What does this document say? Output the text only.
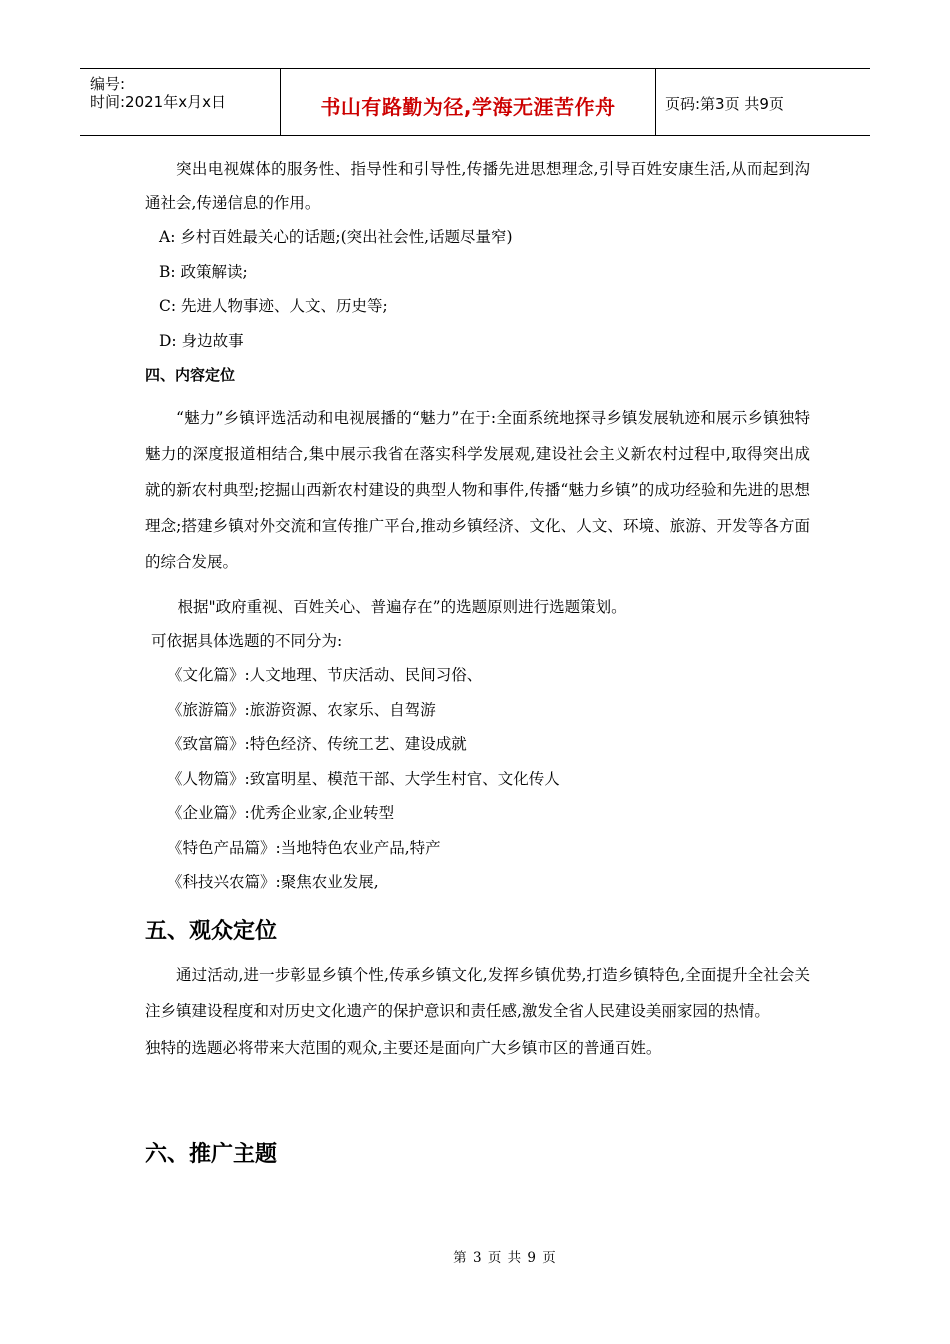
编号:
时间:2021年x月x日	书山有路勤为径,学海无涯苦作舟	页码:第3页 共9页

突出电视媒体的服务性、指导性和引导性,传播先进思想理念,引导百姓安康生活,从而起到沟通社会,传递信息的作用。

A: 乡村百姓最关心的话题;(突出社会性,话题尽量窄)

B: 政策解读;

C: 先进人物事迹、人文、历史等;

D: 身边故事

四、内容定位

“魅力”乡镇评选活动和电视展播的“魅力”在于:全面系统地探寻乡镇发展轨迹和展示乡镇独特魅力的深度报道相结合,集中展示我省在落实科学发展观,建设社会主义新农村过程中,取得突出成就的新农村典型;挖掘山西新农村建设的典型人物和事件,传播“魅力乡镇”的成功经验和先进的思想理念;搭建乡镇对外交流和宣传推广平台,推动乡镇经济、文化、人文、环境、旅游、开发等各方面的综合发展。

根据"政府重视、百姓关心、普遍存在”的选题原则进行选题策划。

可依据具体选题的不同分为:

《文化篇》:人文地理、节庆活动、民间习俗、

《旅游篇》:旅游资源、农家乐、自驾游

《致富篇》:特色经济、传统工艺、建设成就

《人物篇》:致富明星、模范干部、大学生村官、文化传人

《企业篇》:优秀企业家,企业转型

《特色产品篇》:当地特色农业产品,特产

《科技兴农篇》:聚焦农业发展,

五、观众定位

通过活动,进一步彰显乡镇个性,传承乡镇文化,发挥乡镇优势,打造乡镇特色,全面提升全社会关注乡镇建设程度和对历史文化遗产的保护意识和责任感,激发全省人民建设美丽家园的热情。

独特的选题必将带来大范围的观众,主要还是面向广大乡镇市区的普通百姓。

六、推广主题

第 3 页 共 9 页
